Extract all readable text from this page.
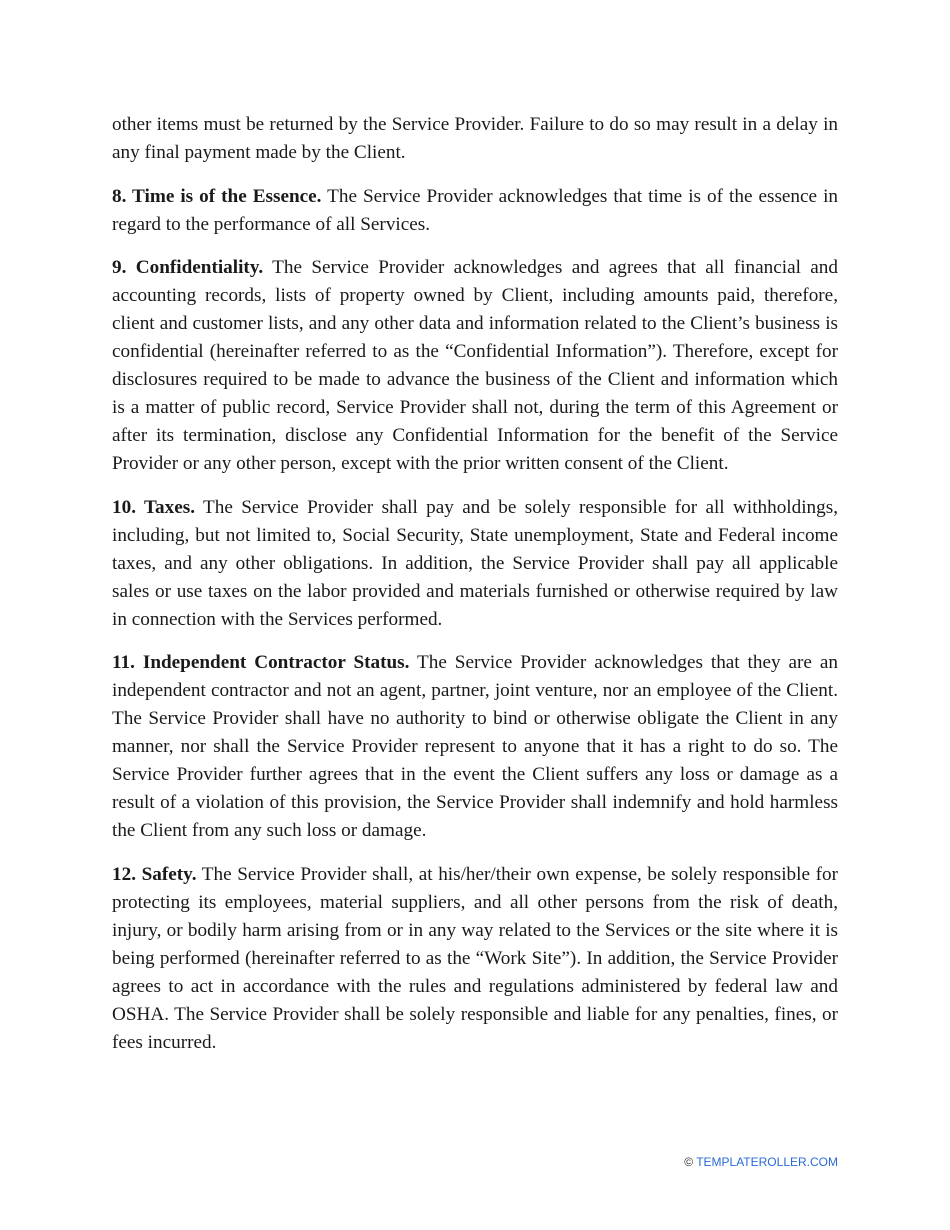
other items must be returned by the Service Provider. Failure to do so may result in a delay in any final payment made by the Client.

8. Time is of the Essence. The Service Provider acknowledges that time is of the essence in regard to the performance of all Services.

9. Confidentiality. The Service Provider acknowledges and agrees that all financial and accounting records, lists of property owned by Client, including amounts paid, therefore, client and customer lists, and any other data and information related to the Client’s business is confidential (hereinafter referred to as the “Confidential Information”). Therefore, except for disclosures required to be made to advance the business of the Client and information which is a matter of public record, Service Provider shall not, during the term of this Agreement or after its termination, disclose any Confidential Information for the benefit of the Service Provider or any other person, except with the prior written consent of the Client.

10. Taxes. The Service Provider shall pay and be solely responsible for all withholdings, including, but not limited to, Social Security, State unemployment, State and Federal income taxes, and any other obligations. In addition, the Service Provider shall pay all applicable sales or use taxes on the labor provided and materials furnished or otherwise required by law in connection with the Services performed.

11. Independent Contractor Status. The Service Provider acknowledges that they are an independent contractor and not an agent, partner, joint venture, nor an employee of the Client. The Service Provider shall have no authority to bind or otherwise obligate the Client in any manner, nor shall the Service Provider represent to anyone that it has a right to do so. The Service Provider further agrees that in the event the Client suffers any loss or damage as a result of a violation of this provision, the Service Provider shall indemnify and hold harmless the Client from any such loss or damage.

12. Safety. The Service Provider shall, at his/her/their own expense, be solely responsible for protecting its employees, material suppliers, and all other persons from the risk of death, injury, or bodily harm arising from or in any way related to the Services or the site where it is being performed (hereinafter referred to as the “Work Site”). In addition, the Service Provider agrees to act in accordance with the rules and regulations administered by federal law and OSHA. The Service Provider shall be solely responsible and liable for any penalties, fines, or fees incurred.

© TEMPLATEROLLER.COM
